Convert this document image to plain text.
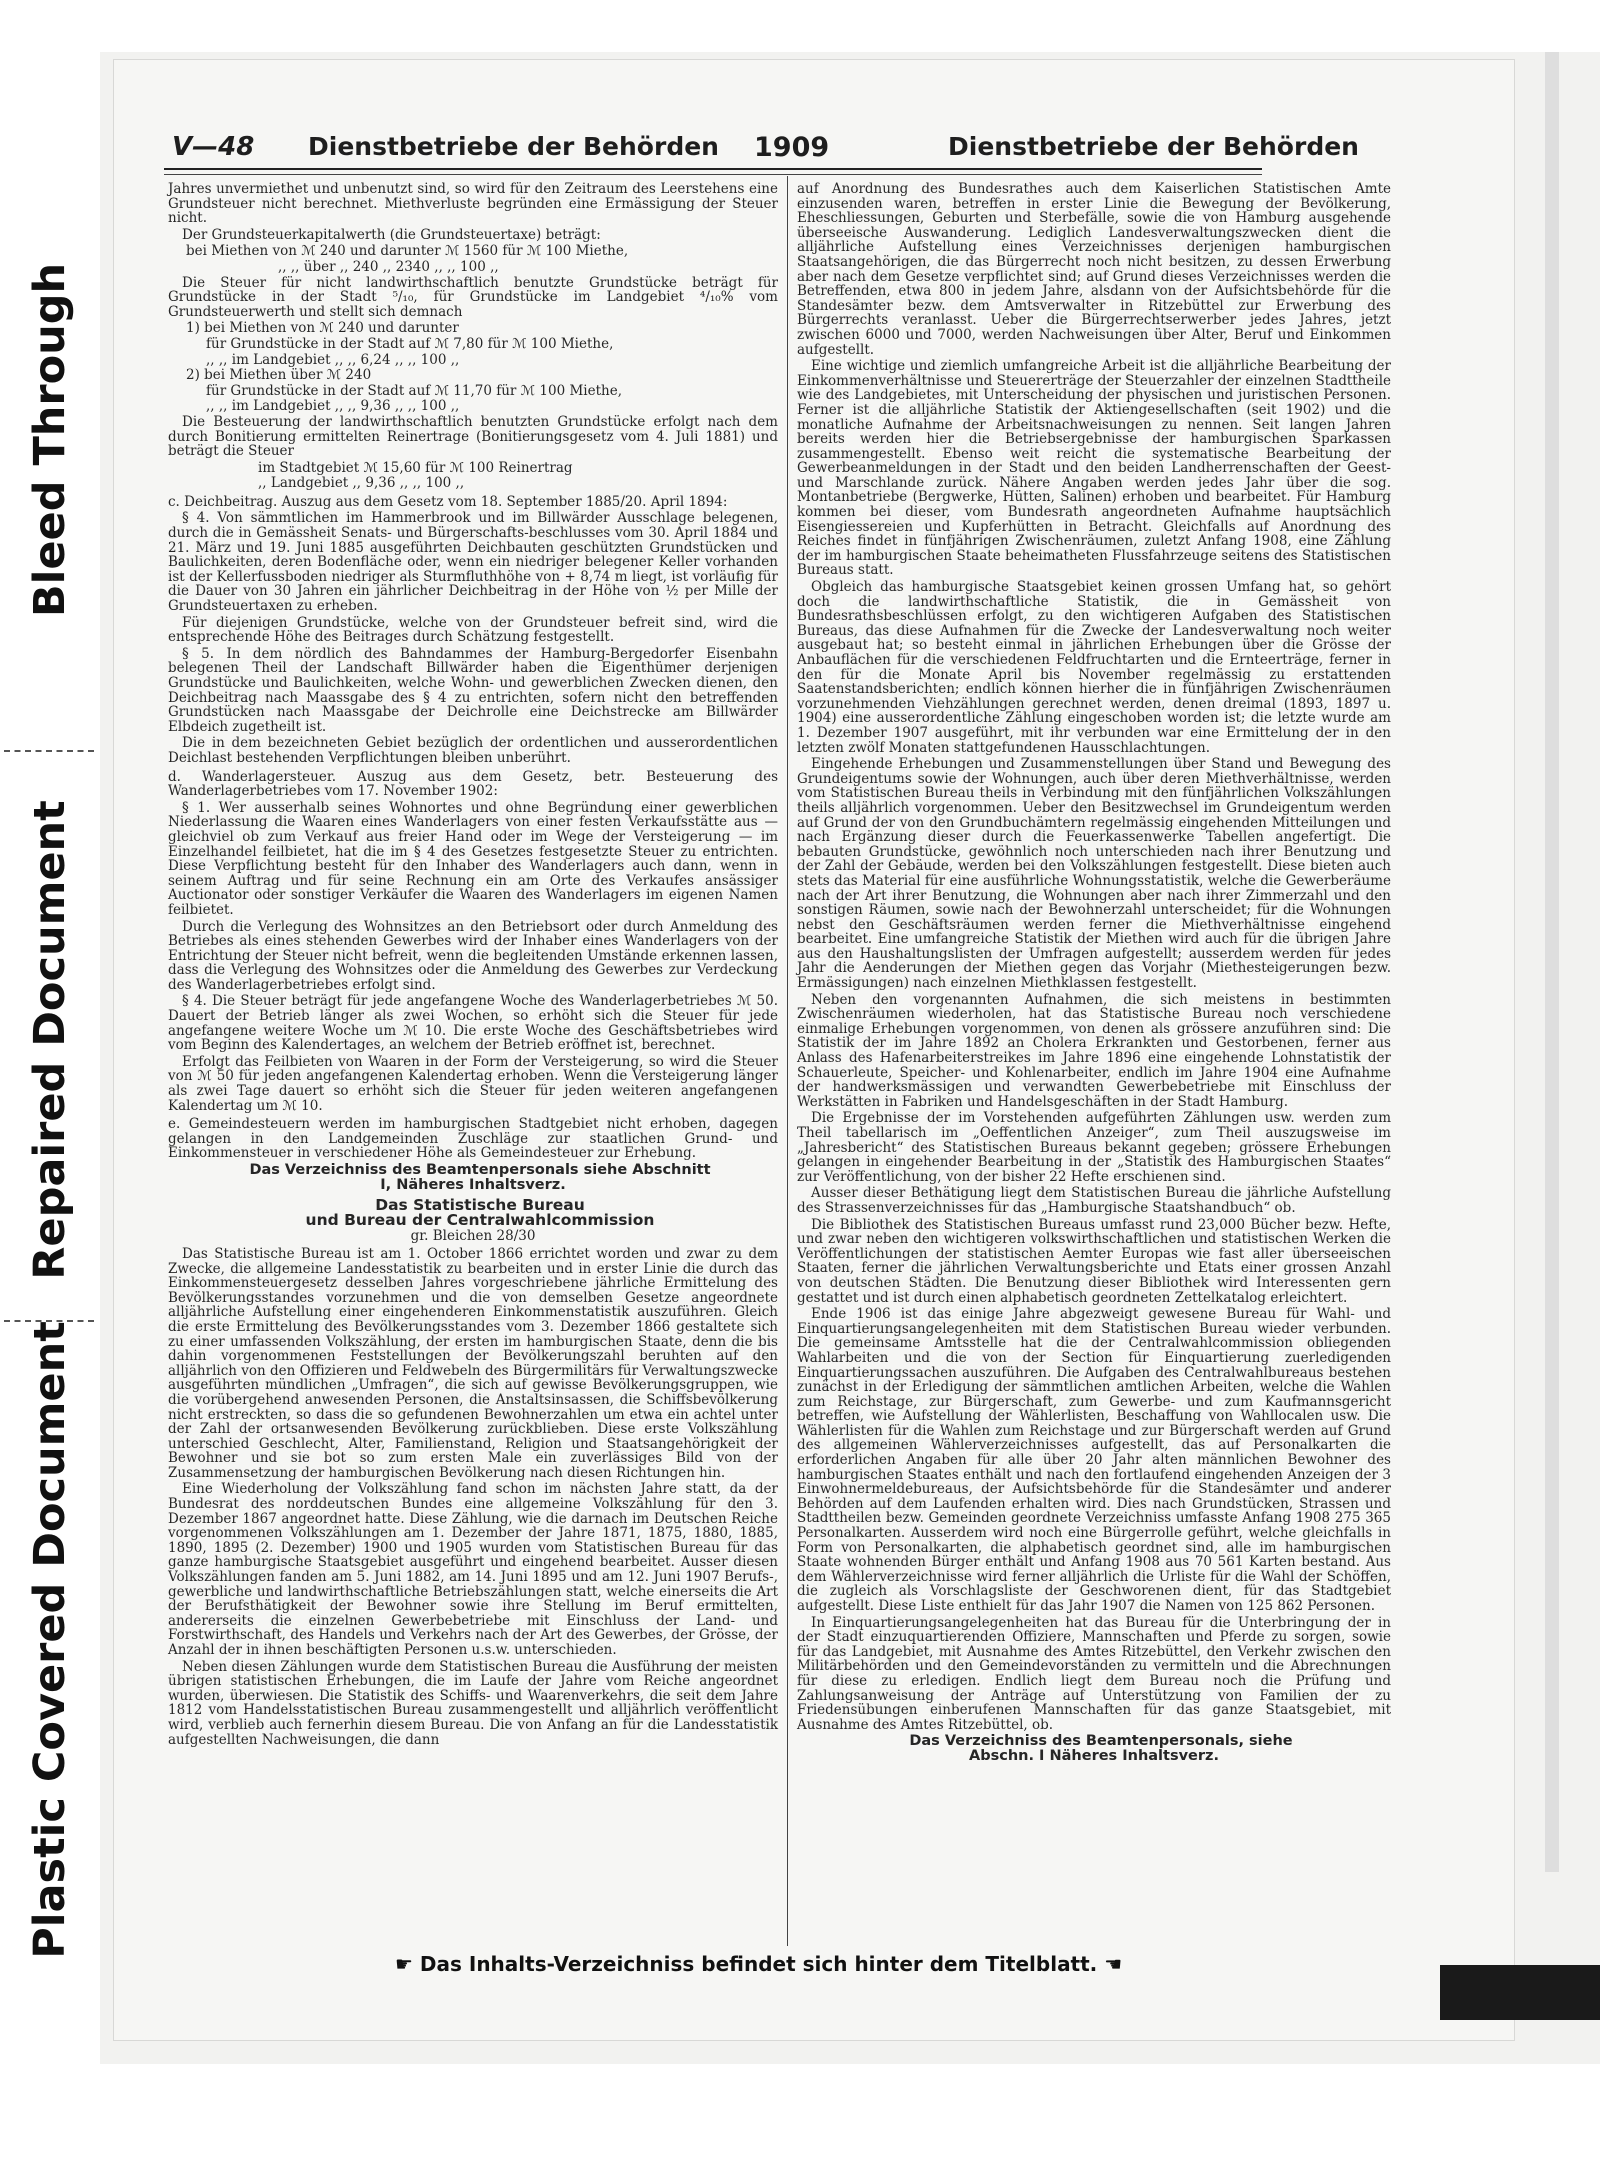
Bleed Through
Repaired Document
Plastic Covered Document
V—48 Dienstbetriebe der Behörden 1909	Dienstbetriebe der Behörden

Jahres unvermiethet und unbenutzt sind, so wird für den Zeitraum des Leerstehens eine Grundsteuer nicht berechnet. Miethverluste begründen eine Ermässigung der Steuer nicht.

Der Grundsteuerkapitalwerth (die Grundsteuertaxe) beträgt:

bei Miethen von ℳ 240 und darunter ℳ 1560 für ℳ 100 Miethe,

,, ,, über ,, 240 ,, 2340 ,, ,, 100 ,,

Die Steuer für nicht landwirthschaftlich benutzte Grundstücke beträgt für Grundstücke in der Stadt ⁵/₁₀, für Grundstücke im Landgebiet ⁴/₁₀% vom Grundsteuerwerth und stellt sich demnach

1) bei Miethen von ℳ 240 und darunter

für Grundstücke in der Stadt auf ℳ 7,80 für ℳ 100 Miethe,

,, ,, im Landgebiet ,, ,, 6,24 ,, ,, 100 ,,

2) bei Miethen über ℳ 240

für Grundstücke in der Stadt auf ℳ 11,70 für ℳ 100 Miethe,

,, ,, im Landgebiet ,, ,, 9,36 ,, ,, 100 ,,

Die Besteuerung der landwirthschaftlich benutzten Grundstücke erfolgt nach dem durch Bonitierung ermittelten Reinertrage (Bonitierungsgesetz vom 4. Juli 1881) und beträgt die Steuer

im Stadtgebiet ℳ 15,60 für ℳ 100 Reinertrag

,, Landgebiet ,, 9,36 ,, ,, 100 ,,

c. Deichbeitrag. Auszug aus dem Gesetz vom 18. September 1885/20. April 1894:

§ 4. Von sämmtlichen im Hammerbrook und im Billwärder Ausschlage belegenen, durch die in Gemässheit Senats- und Bürgerschafts-beschlusses vom 30. April 1884 und 21. März und 19. Juni 1885 ausgeführten Deichbauten geschützten Grundstücken und Baulichkeiten, deren Bodenfläche oder, wenn ein niedriger belegener Keller vorhanden ist der Kellerfussboden niedriger als Sturmfluthhöhe von + 8,74 m liegt, ist vorläufig für die Dauer von 30 Jahren ein jährlicher Deichbeitrag in der Höhe von ½ per Mille der Grundsteuertaxen zu erheben.

Für diejenigen Grundstücke, welche von der Grundsteuer befreit sind, wird die entsprechende Höhe des Beitrages durch Schätzung festgestellt.

§ 5. In dem nördlich des Bahndammes der Hamburg-Bergedorfer Eisenbahn belegenen Theil der Landschaft Billwärder haben die Eigenthümer derjenigen Grundstücke und Baulichkeiten, welche Wohn- und gewerblichen Zwecken dienen, den Deichbeitrag nach Maassgabe des § 4 zu entrichten, sofern nicht den betreffenden Grundstücken nach Maassgabe der Deichrolle eine Deichstrecke am Billwärder Elbdeich zugetheilt ist.

Die in dem bezeichneten Gebiet bezüglich der ordentlichen und ausserordentlichen Deichlast bestehenden Verpflichtungen bleiben unberührt.

d. Wanderlagersteuer. Auszug aus dem Gesetz, betr. Besteuerung des Wanderlagerbetriebes vom 17. November 1902:

§ 1. Wer ausserhalb seines Wohnortes und ohne Begründung einer gewerblichen Niederlassung die Waaren eines Wanderlagers von einer festen Verkaufsstätte aus — gleichviel ob zum Verkauf aus freier Hand oder im Wege der Versteigerung — im Einzelhandel feilbietet, hat die im § 4 des Gesetzes festgesetzte Steuer zu entrichten. Diese Verpflichtung besteht für den Inhaber des Wanderlagers auch dann, wenn in seinem Auftrag und für seine Rechnung ein am Orte des Verkaufes ansässiger Auctionator oder sonstiger Verkäufer die Waaren des Wanderlagers im eigenen Namen feilbietet.

Durch die Verlegung des Wohnsitzes an den Betriebsort oder durch Anmeldung des Betriebes als eines stehenden Gewerbes wird der Inhaber eines Wanderlagers von der Entrichtung der Steuer nicht befreit, wenn die begleitenden Umstände erkennen lassen, dass die Verlegung des Wohnsitzes oder die Anmeldung des Gewerbes zur Verdeckung des Wanderlagerbetriebes erfolgt sind.

§ 4. Die Steuer beträgt für jede angefangene Woche des Wanderlagerbetriebes ℳ 50. Dauert der Betrieb länger als zwei Wochen, so erhöht sich die Steuer für jede angefangene weitere Woche um ℳ 10. Die erste Woche des Geschäftsbetriebes wird vom Beginn des Kalendertages, an welchem der Betrieb eröffnet ist, berechnet.

Erfolgt das Feilbieten von Waaren in der Form der Versteigerung, so wird die Steuer von ℳ 50 für jeden angefangenen Kalendertag erhoben. Wenn die Versteigerung länger als zwei Tage dauert so erhöht sich die Steuer für jeden weiteren angefangenen Kalendertag um ℳ 10.

e. Gemeindesteuern werden im hamburgischen Stadtgebiet nicht erhoben, dagegen gelangen in den Landgemeinden Zuschläge zur staatlichen Grund- und Einkommensteuer in verschiedener Höhe als Gemeindesteuer zur Erhebung.

Das Verzeichniss des Beamtenpersonals siehe Abschnitt I, Näheres Inhaltsverz.

Das Statistische Bureau

und Bureau der Centralwahlcommission

gr. Bleichen 28/30

Das Statistische Bureau ist am 1. October 1866 errichtet worden und zwar zu dem Zwecke, die allgemeine Landesstatistik zu bearbeiten und in erster Linie die durch das Einkommensteuergesetz desselben Jahres vorgeschriebene jährliche Ermittelung des Bevölkerungsstandes vorzunehmen und die von demselben Gesetze angeordnete alljährliche Aufstellung einer eingehenderen Einkommenstatistik auszuführen. Gleich die erste Ermittelung des Bevölkerungsstandes vom 3. Dezember 1866 gestaltete sich zu einer umfassenden Volkszählung, der ersten im hamburgischen Staate, denn die bis dahin vorgenommenen Feststellungen der Bevölkerungszahl beruhten auf den alljährlich von den Offizieren und Feldwebeln des Bürgermilitärs für Verwaltungszwecke ausgeführten mündlichen „Umfragen“, die sich auf gewisse Bevölkerungsgruppen, wie die vorübergehend anwesenden Personen, die Anstaltsinsassen, die Schiffsbevölkerung nicht erstreckten, so dass die so gefundenen Bewohnerzahlen um etwa ein achtel unter der Zahl der ortsanwesenden Bevölkerung zurückblieben. Diese erste Volkszählung unterschied Geschlecht, Alter, Familienstand, Religion und Staatsangehörigkeit der Bewohner und sie bot so zum ersten Male ein zuverlässiges Bild von der Zusammensetzung der hamburgischen Bevölkerung nach diesen Richtungen hin.

Eine Wiederholung der Volkszählung fand schon im nächsten Jahre statt, da der Bundesrat des norddeutschen Bundes eine allgemeine Volkszählung für den 3. Dezember 1867 angeordnet hatte. Diese Zählung, wie die darnach im Deutschen Reiche vorgenommenen Volkszählungen am 1. Dezember der Jahre 1871, 1875, 1880, 1885, 1890, 1895 (2. Dezember) 1900 und 1905 wurden vom Statistischen Bureau für das ganze hamburgische Staatsgebiet ausgeführt und eingehend bearbeitet. Ausser diesen Volkszählungen fanden am 5. Juni 1882, am 14. Juni 1895 und am 12. Juni 1907 Berufs-, gewerbliche und landwirthschaftliche Betriebszählungen statt, welche einerseits die Art der Berufsthätigkeit der Bewohner sowie ihre Stellung im Beruf ermittelten, andererseits die einzelnen Gewerbebetriebe mit Einschluss der Land- und Forstwirthschaft, des Handels und Verkehrs nach der Art des Gewerbes, der Grösse, der Anzahl der in ihnen beschäftigten Personen u.s.w. unterschieden.

Neben diesen Zählungen wurde dem Statistischen Bureau die Ausführung der meisten übrigen statistischen Erhebungen, die im Laufe der Jahre vom Reiche angeordnet wurden, überwiesen. Die Statistik des Schiffs- und Waarenverkehrs, die seit dem Jahre 1812 vom Handelsstatistischen Bureau zusammengestellt und alljährlich veröffentlicht wird, verblieb auch fernerhin diesem Bureau. Die von Anfang an für die Landesstatistik aufgestellten Nachweisungen, die dann

auf Anordnung des Bundesrathes auch dem Kaiserlichen Statistischen Amte einzusenden waren, betreffen in erster Linie die Bewegung der Bevölkerung, Eheschliessungen, Geburten und Sterbefälle, sowie die von Hamburg ausgehende überseeische Auswanderung. Lediglich Landesverwaltungszwecken dient die alljährliche Aufstellung eines Verzeichnisses derjenigen hamburgischen Staatsangehörigen, die das Bürgerrecht noch nicht besitzen, zu dessen Erwerbung aber nach dem Gesetze verpflichtet sind; auf Grund dieses Verzeichnisses werden die Betreffenden, etwa 800 in jedem Jahre, alsdann von der Aufsichtsbehörde für die Standesämter bezw. dem Amtsverwalter in Ritzebüttel zur Erwerbung des Bürgerrechts veranlasst. Ueber die Bürgerrechtserwerber jedes Jahres, jetzt zwischen 6000 und 7000, werden Nachweisungen über Alter, Beruf und Einkommen aufgestellt.

Eine wichtige und ziemlich umfangreiche Arbeit ist die alljährliche Bearbeitung der Einkommenverhältnisse und Steuererträge der Steuerzahler der einzelnen Stadttheile wie des Landgebietes, mit Unterscheidung der physischen und juristischen Personen. Ferner ist die alljährliche Statistik der Aktiengesellschaften (seit 1902) und die monatliche Aufnahme der Arbeitsnachweisungen zu nennen. Seit langen Jahren bereits werden hier die Betriebsergebnisse der hamburgischen Sparkassen zusammengestellt. Ebenso weit reicht die systematische Bearbeitung der Gewerbeanmeldungen in der Stadt und den beiden Landherrenschaften der Geest- und Marschlande zurück. Nähere Angaben werden jedes Jahr über die sog. Montanbetriebe (Bergwerke, Hütten, Salinen) erhoben und bearbeitet. Für Hamburg kommen bei dieser, vom Bundesrath angeordneten Aufnahme hauptsächlich Eisengiessereien und Kupferhütten in Betracht. Gleichfalls auf Anordnung des Reiches findet in fünfjährigen Zwischenräumen, zuletzt Anfang 1908, eine Zählung der im hamburgischen Staate beheimatheten Flussfahrzeuge seitens des Statistischen Bureaus statt.

Obgleich das hamburgische Staatsgebiet keinen grossen Umfang hat, so gehört doch die landwirthschaftliche Statistik, die in Gemässheit von Bundesrathsbeschlüssen erfolgt, zu den wichtigeren Aufgaben des Statistischen Bureaus, das diese Aufnahmen für die Zwecke der Landesverwaltung noch weiter ausgebaut hat; so besteht einmal in jährlichen Erhebungen über die Grösse der Anbauflächen für die verschiedenen Feldfruchtarten und die Ernteerträge, ferner in den für die Monate April bis November regelmässig zu erstattenden Saatenstandsberichten; endlich können hierher die in fünfjährigen Zwischenräumen vorzunehmenden Viehzählungen gerechnet werden, denen dreimal (1893, 1897 u. 1904) eine ausserordentliche Zählung eingeschoben worden ist; die letzte wurde am 1. Dezember 1907 ausgeführt, mit ihr verbunden war eine Ermittelung der in den letzten zwölf Monaten stattgefundenen Hausschlachtungen.

Eingehende Erhebungen und Zusammenstellungen über Stand und Bewegung des Grundeigentums sowie der Wohnungen, auch über deren Miethverhältnisse, werden vom Statistischen Bureau theils in Verbindung mit den fünfjährlichen Volkszählungen theils alljährlich vorgenommen. Ueber den Besitzwechsel im Grundeigentum werden auf Grund der von den Grundbuchämtern regelmässig eingehenden Mitteilungen und nach Ergänzung dieser durch die Feuerkassenwerke Tabellen angefertigt. Die bebauten Grundstücke, gewöhnlich noch unterschieden nach ihrer Benutzung und der Zahl der Gebäude, werden bei den Volkszählungen festgestellt. Diese bieten auch stets das Material für eine ausführliche Wohnungsstatistik, welche die Gewerberäume nach der Art ihrer Benutzung, die Wohnungen aber nach ihrer Zimmerzahl und den sonstigen Räumen, sowie nach der Bewohnerzahl unterscheidet; für die Wohnungen nebst den Geschäftsräumen werden ferner die Miethverhältnisse eingehend bearbeitet. Eine umfangreiche Statistik der Miethen wird auch für die übrigen Jahre aus den Haushaltungslisten der Umfragen aufgestellt; ausserdem werden für jedes Jahr die Aenderungen der Miethen gegen das Vorjahr (Miethesteigerungen bezw. Ermässigungen) nach einzelnen Miethklassen festgestellt.

Neben den vorgenannten Aufnahmen, die sich meistens in bestimmten Zwischenräumen wiederholen, hat das Statistische Bureau noch verschiedene einmalige Erhebungen vorgenommen, von denen als grössere anzuführen sind: Die Statistik der im Jahre 1892 an Cholera Erkrankten und Gestorbenen, ferner aus Anlass des Hafenarbeiterstreikes im Jahre 1896 eine eingehende Lohnstatistik der Schauerleute, Speicher- und Kohlenarbeiter, endlich im Jahre 1904 eine Aufnahme der handwerksmässigen und verwandten Gewerbebetriebe mit Einschluss der Werkstätten in Fabriken und Handelsgeschäften in der Stadt Hamburg.

Die Ergebnisse der im Vorstehenden aufgeführten Zählungen usw. werden zum Theil tabellarisch im „Oeffentlichen Anzeiger“, zum Theil auszugsweise im „Jahresbericht“ des Statistischen Bureaus bekannt gegeben; grössere Erhebungen gelangen in eingehender Bearbeitung in der „Statistik des Hamburgischen Staates“ zur Veröffentlichung, von der bisher 22 Hefte erschienen sind.

Ausser dieser Bethätigung liegt dem Statistischen Bureau die jährliche Aufstellung des Strassenverzeichnisses für das „Hamburgische Staatshandbuch“ ob.

Die Bibliothek des Statistischen Bureaus umfasst rund 23,000 Bücher bezw. Hefte, und zwar neben den wichtigeren volkswirthschaftlichen und statistischen Werken die Veröffentlichungen der statistischen Aemter Europas wie fast aller überseeischen Staaten, ferner die jährlichen Verwaltungsberichte und Etats einer grossen Anzahl von deutschen Städten. Die Benutzung dieser Bibliothek wird Interessenten gern gestattet und ist durch einen alphabetisch geordneten Zettelkatalog erleichtert.

Ende 1906 ist das einige Jahre abgezweigt gewesene Bureau für Wahl- und Einquartierungsangelegenheiten mit dem Statistischen Bureau wieder verbunden. Die gemeinsame Amtsstelle hat die der Centralwahlcommission obliegenden Wahlarbeiten und die von der Section für Einquartierung zuerledigenden Einquartierungssachen auszuführen. Die Aufgaben des Centralwahlbureaus bestehen zunächst in der Erledigung der sämmtlichen amtlichen Arbeiten, welche die Wahlen zum Reichstage, zur Bürgerschaft, zum Gewerbe- und zum Kaufmannsgericht betreffen, wie Aufstellung der Wählerlisten, Beschaffung von Wahllocalen usw. Die Wählerlisten für die Wahlen zum Reichstage und zur Bürgerschaft werden auf Grund des allgemeinen Wählerverzeichnisses aufgestellt, das auf Personalkarten die erforderlichen Angaben für alle über 20 Jahr alten männlichen Bewohner des hamburgischen Staates enthält und nach den fortlaufend eingehenden Anzeigen der 3 Einwohnermeldebureaus, der Aufsichtsbehörde für die Standesämter und anderer Behörden auf dem Laufenden erhalten wird. Dies nach Grundstücken, Strassen und Stadttheilen bezw. Gemeinden geordnete Verzeichniss umfasste Anfang 1908 275 365 Personalkarten. Ausserdem wird noch eine Bürgerrolle geführt, welche gleichfalls in Form von Personalkarten, die alphabetisch geordnet sind, alle im hamburgischen Staate wohnenden Bürger enthält und Anfang 1908 aus 70 561 Karten bestand. Aus dem Wählerverzeichnisse wird ferner alljährlich die Urliste für die Wahl der Schöffen, die zugleich als Vorschlagsliste der Geschworenen dient, für das Stadtgebiet aufgestellt. Diese Liste enthielt für das Jahr 1907 die Namen von 125 862 Personen.

In Einquartierungsangelegenheiten hat das Bureau für die Unterbringung der in der Stadt einzuquartierenden Offiziere, Mannschaften und Pferde zu sorgen, sowie für das Landgebiet, mit Ausnahme des Amtes Ritzebüttel, den Verkehr zwischen den Militärbehörden und den Gemeindevorständen zu vermitteln und die Abrechnungen für diese zu erledigen. Endlich liegt dem Bureau noch die Prüfung und Zahlungsanweisung der Anträge auf Unterstützung von Familien der zu Friedensübungen einberufenen Mannschaften für das ganze Staatsgebiet, mit Ausnahme des Amtes Ritzebüttel, ob.

Das Verzeichniss des Beamtenpersonals, siehe Abschn. I Näheres Inhaltsverz.

☛ Das Inhalts-Verzeichniss befindet sich hinter dem Titelblatt. ☚
